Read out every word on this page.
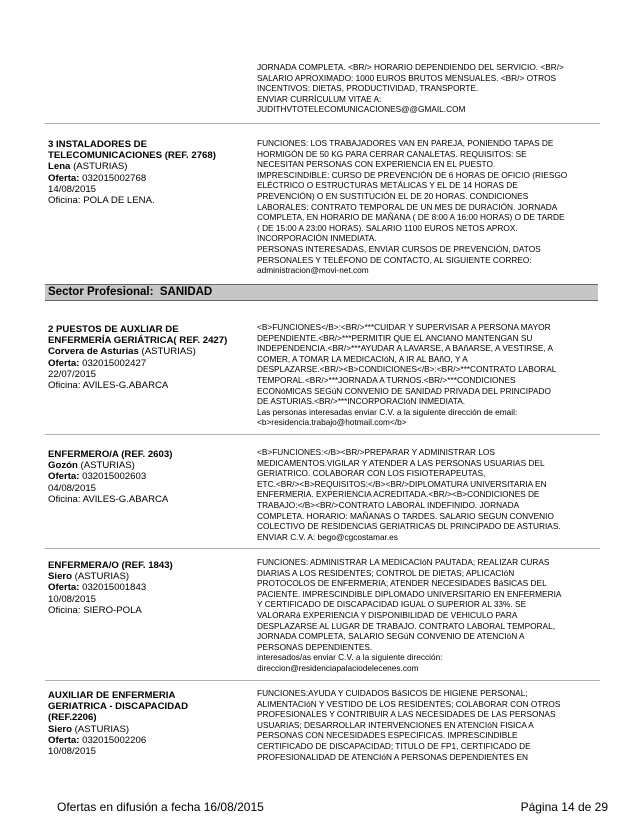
JORNADA COMPLETA. <BR/> HORARIO DEPENDIENDO DEL SERVICIO. <BR/>
SALARIO APROXIMADO: 1000 EUROS BRUTOS MENSUALES. <BR/> OTROS
INCENTIVOS: DIETAS, PRODUCTIVIDAD, TRANSPORTE.
ENVIAR CURRÍCULUM VITAE A:
JUDITHVTOTELECOMUNICACIONES@@GMAIL.COM
3 INSTALADORES DE
TELECOMUNICACIONES (REF. 2768)
Lena (ASTURIAS)
Oferta: 032015002768
14/08/2015
Oficina: POLA DE LENA.
FUNCIONES: LOS TRABAJADORES VAN EN PAREJA, PONIENDO TAPAS DE
HORMIGÓN DE 50 KG PARA CERRAR CANALETAS. REQUISITOS: SE
NECESITAN PERSONAS CON EXPERIENCIA EN EL PUESTO.
IMPRESCINDIBLE: CURSO DE PREVENCIÓN DE 6 HORAS DE OFICIO (RIESGO
ELÉCTRICO O ESTRUCTURAS METÁLICAS Y EL DE 14 HORAS DE
PREVENCIÓN) O EN SUSTITUCIÓN EL DE 20 HORAS. CONDICIONES
LABORALES: CONTRATO TEMPORAL DE UN MES DE DURACIÓN. JORNADA
COMPLETA, EN HORARIO DE MAÑANA ( DE 8:00 A 16:00 HORAS) O DE TARDE
( DE 15:00 A 23:00 HORAS). SALARIO 1100 EUROS NETOS APROX.
INCORPORACIÓN INMEDIATA.
PERSONAS INTERESADAS, ENVIAR CURSOS DE PREVENCIÓN, DATOS
PERSONALES Y TELÉFONO DE CONTACTO, AL SIGUIENTE CORREO:
administracion@movi-net.com
Sector Profesional: SANIDAD
2 PUESTOS DE AUXLIAR DE
ENFERMERÍA GERIÁTRICA( REF. 2427)
Corvera de Asturias (ASTURIAS)
Oferta: 032015002427
22/07/2015
Oficina: AVILES-G.ABARCA
<B>FUNCIONES</B>:<BR/>***CUIDAR Y SUPERVISAR A PERSONA MAYOR
DEPENDIENTE.<BR/>***PERMITIR QUE EL ANCIANO MANTENGAN SU
INDEPENDENCIA.<BR/>***AYUDAR A LAVARSE, A BAñARSE, A VESTIRSE, A
COMER, A TOMAR LA MEDICACIóN, A IR AL BAñO, Y A
DESPLAZARSE.<BR/><B>CONDICIONES</B>:<BR/>***CONTRATO LABORAL
TEMPORAL.<BR/>***JORNADA A TURNOS.<BR/>***CONDICIONES
ECONóMICAS SEGúN CONVENIO DE SANIDAD PRIVADA DEL PRINCIPADO
DE ASTURIAS.<BR/>***INCORPORACIóN INMEDIATA.
Las personas interesadas enviar C.V. a la siguiente dirección de email:
<b>residencia.trabajo@hotmail.com</b>
ENFERMERO/A (REF. 2603)
Gozón (ASTURIAS)
Oferta: 032015002603
04/08/2015
Oficina: AVILES-G.ABARCA
<B>FUNCIONES:</B><BR/>PREPARAR Y ADMINISTRAR LOS
MEDICAMENTOS.VIGILAR Y ATENDER A LAS PERSONAS USUARIAS DEL
GERIATRICO. COLABORAR CON LOS FISIOTERAPEUTAS,
ETC.<BR/><B>REQUISITOS:</B><BR/>DIPLOMATURA UNIVERSITARIA EN
ENFERMERIA. EXPERIENCIA ACREDITADA.<BR/><B>CONDICIONES DE
TRABAJO:</B><BR/>CONTRATO LABORAL INDEFINIDO. JORNADA
COMPLETA. HORARIO: MAÑANAS O TARDES. SALARIO SEGUN CONVENIO
COLECTIVO DE RESIDENCIAS GERIATRICAS DL PRINCIPADO DE ASTURIAS.
ENVIAR C.V. A: bego@cgcostamar.es
ENFERMERA/O (REF. 1843)
Siero (ASTURIAS)
Oferta: 032015001843
10/08/2015
Oficina: SIERO-POLA
FUNCIONES: ADMINISTRAR LA MEDICACIóN PAUTADA; REALIZAR CURAS
DIARIAS A LOS RESIDENTES; CONTROL DE DIETAS; APLICACIóN
PROTOCOLOS DE ENFERMERIA; ATENDER NECESIDADES BáSICAS DEL
PACIENTE. IMPRESCINDIBLE DIPLOMADO UNIVERSITARIO EN ENFERMERIA
Y CERTIFICADO DE DISCAPACIDAD IGUAL O SUPERIOR AL 33%. SE
VALORARá EXPERIENCIA Y DISPONIBILIDAD DE VEHICULO PARA
DESPLAZARSE AL LUGAR DE TRABAJO. CONTRATO LABORAL TEMPORAL,
JORNADA COMPLETA, SALARIO SEGúN CONVENIO DE ATENCIóN A
PERSONAS DEPENDIENTES.
interesados/as enviar C.V. a la siguiente dirección:
direccion@residenciapalaciodelecenes.com
AUXILIAR DE ENFERMERIA
GERIATRICA - DISCAPACIDAD
(REF.2206)
Siero (ASTURIAS)
Oferta: 032015002206
10/08/2015
FUNCIONES:AYUDA Y CUIDADOS BáSICOS DE HIGIENE PERSONAL;
ALIMENTACIóN Y VESTIDO DE LOS RESIDENTES; COLABORAR CON OTROS
PROFESIONALES Y CONTRIBUIR A LAS NECESIDADES DE LAS PERSONAS
USUARIAS; DESARROLLAR INTERVENCIONES EN ATENCIóN FISICA A
PERSONAS CON NECESIDADES ESPECIFICAS. IMPRESCINDIBLE
CERTIFICADO DE DISCAPACIDAD; TITULO DE FP1, CERTIFICADO DE
PROFESIONALIDAD DE ATENCIóN A PERSONAS DEPENDIENTES EN
Ofertas en difusión a fecha 16/08/2015	Página 14 de 29
